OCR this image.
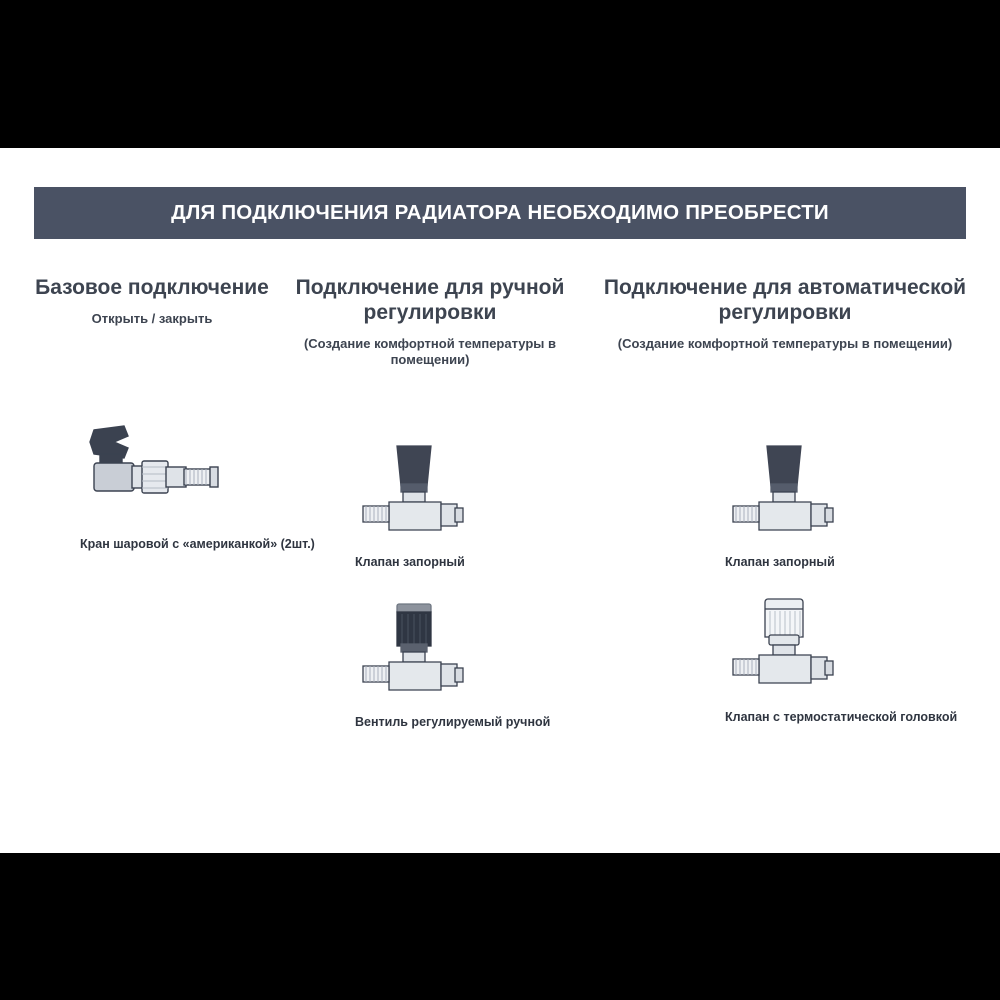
ДЛЯ ПОДКЛЮЧЕНИЯ РАДИАТОРА НЕОБХОДИМО ПРЕОБРЕСТИ
Базовое подключение
Открыть / закрыть
Подключение для ручной регулировки
(Создание комфортной температуры в помещении)
Подключение для автоматической регулировки
(Создание комфортной температуры в помещении)
Кран шаровой с «американкой» (2шт.)
Клапан запорный
Вентиль регулируемый ручной
Клапан запорный
Клапан с термостатической головкой
